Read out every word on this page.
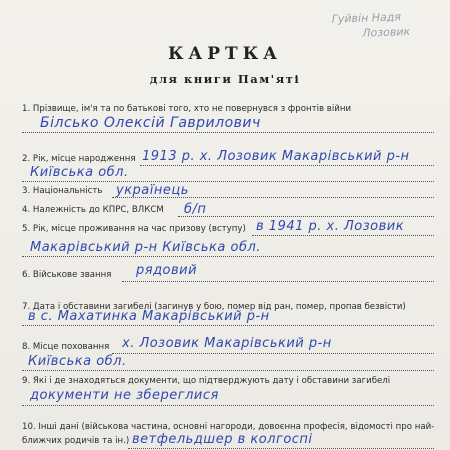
Гуйвін Надя
Лозовик
КАРТКА
для книги Пам'яті
1. Прізвище, ім'я та по батькові того, хто не повернувся з фронтів війни
Білсько Олексій Гаврилович
2. Рік, місце народження 1913 р. х. Лозовик Макарівський р-н
Київська обл.
3. Національність українець
4. Належність до КПРС, ВЛКСМ б/п
5. Рік, місце проживання на час призову (вступу) в 1941 р. х. Лозовик
Макарівський р-н Київська обл.
6. Військове звання рядовий
7. Дата і обставини загибелі (загинув у бою, помер від ран, помер, пропав безвісти)
в с. Махатинка Макарівський р-н
8. Місце поховання х. Лозовик Макарівський р-н
Київська обл.
9. Які і де знаходяться документи, що підтверджують дату і обставини загибелі
документи не збереглися
10. Інші дані (військова частина, основні нагороди, довоєнна професія, відомості про най-
ближчих родичів та ін.) ветфельдшер в колгоспі
